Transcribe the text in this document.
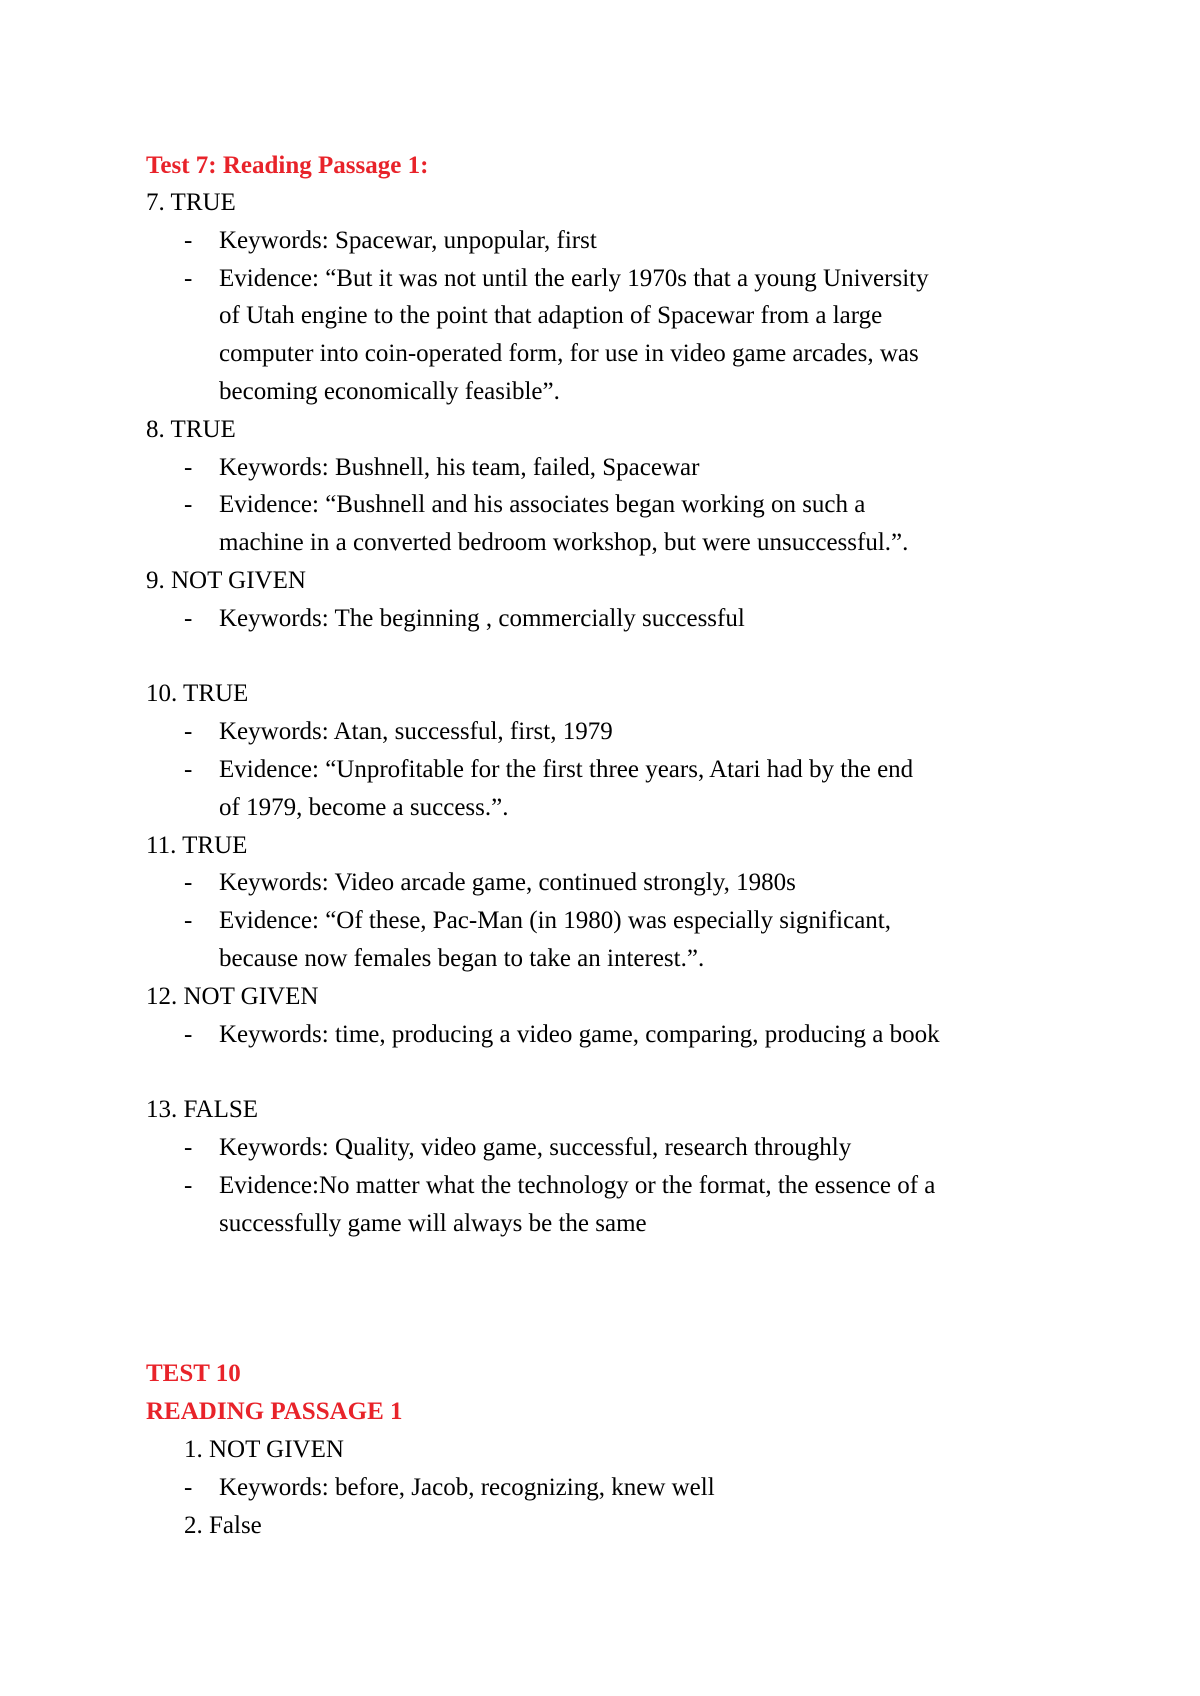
Test 7: Reading Passage 1:
7. TRUE
- Keywords: Spacewar, unpopular, first
- Evidence: “But it was not until the early 1970s that a young University
of Utah engine to the point that adaption of Spacewar from a large
computer into coin-operated form, for use in video game arcades, was
becoming economically feasible”.
8. TRUE
- Keywords: Bushnell, his team, failed, Spacewar
- Evidence: “Bushnell and his associates began working on such a
machine in a converted bedroom workshop, but were unsuccessful.”.
9. NOT GIVEN
- Keywords: The beginning , commercially successful
10. TRUE
- Keywords: Atan, successful, first, 1979
- Evidence: “Unprofitable for the first three years, Atari had by the end
of 1979, become a success.”.
11. TRUE
- Keywords: Video arcade game, continued strongly, 1980s
- Evidence: “Of these, Pac-Man (in 1980) was especially significant,
because now females began to take an interest.”.
12. NOT GIVEN
- Keywords: time, producing a video game, comparing, producing a book
13. FALSE
- Keywords: Quality, video game, successful, research throughly
- Evidence:No matter what the technology or the format, the essence of a
successfully game will always be the same
TEST 10
READING PASSAGE 1
1. NOT GIVEN
- Keywords: before, Jacob, recognizing, knew well
2. False
